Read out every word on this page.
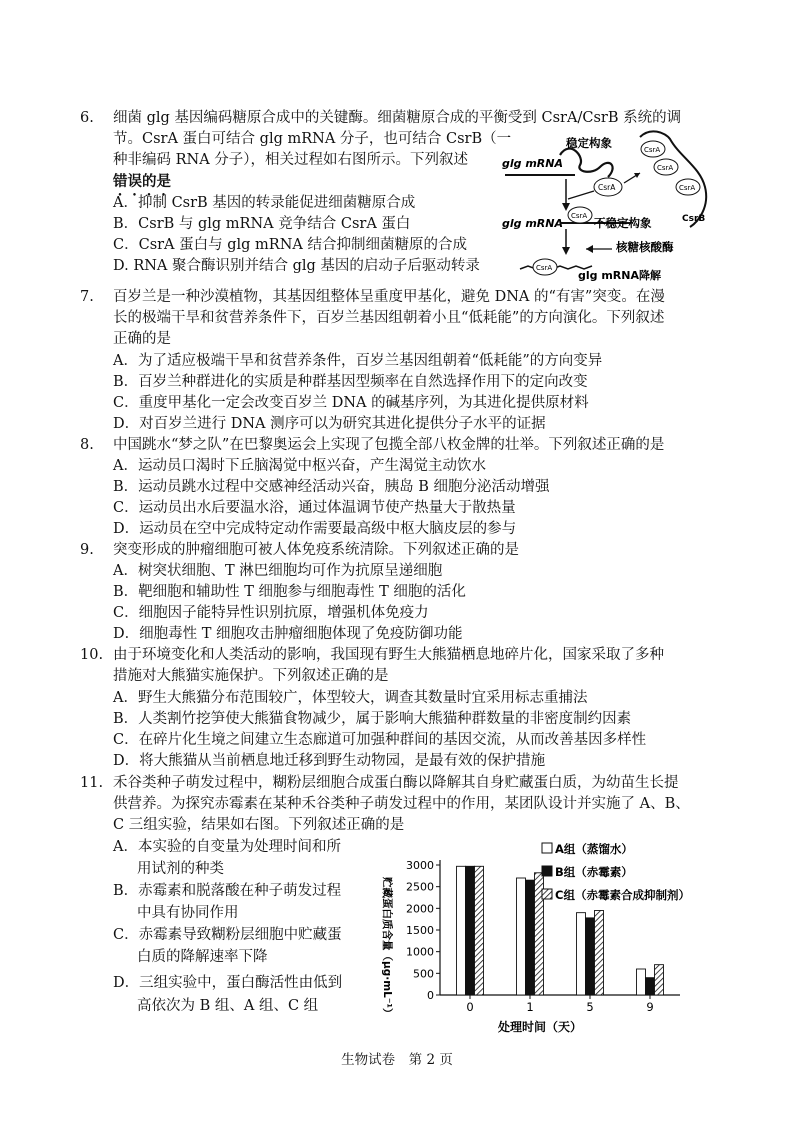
6. 细菌 glg 基因编码糖原合成中的关键酶。细菌糖原合成的平衡受到 CsrA/CsrB 系统的调
节。CsrA 蛋白可结合 glg mRNA 分子，也可结合 CsrB（一
种非编码 RNA 分子），相关过程如右图所示。下列叙述
错误的是
A．抑制 CsrB 基因的转录能促进细菌糖原合成
B．CsrB 与 glg mRNA 竞争结合 CsrA 蛋白
C．CsrA 蛋白与 glg mRNA 结合抑制细菌糖原的合成
D. RNA 聚合酶识别并结合 glg 基因的启动子后驱动转录
稳定构象
glg mRNA
CsrA
CsrA
CsrA
CsrB
CsrA
glg mRNA
CsrA 不稳定构象
核糖核酸酶
CsrA
glg mRNA降解
7. 百岁兰是一种沙漠植物，其基因组整体呈重度甲基化，避免 DNA 的“有害”突变。在漫
长的极端干旱和贫营养条件下，百岁兰基因组朝着小且“低耗能”的方向演化。下列叙述
正确的是
A．为了适应极端干旱和贫营养条件，百岁兰基因组朝着“低耗能”的方向变异
B．百岁兰种群进化的实质是种群基因型频率在自然选择作用下的定向改变
C．重度甲基化一定会改变百岁兰 DNA 的碱基序列，为其进化提供原材料
D．对百岁兰进行 DNA 测序可以为研究其进化提供分子水平的证据
8. 中国跳水“梦之队”在巴黎奥运会上实现了包揽全部八枚金牌的壮举。下列叙述正确的是
A．运动员口渴时下丘脑渴觉中枢兴奋，产生渴觉主动饮水
B．运动员跳水过程中交感神经活动兴奋，胰岛 B 细胞分泌活动增强
C．运动员出水后要温水浴，通过体温调节使产热量大于散热量
D．运动员在空中完成特定动作需要最高级中枢大脑皮层的参与
9. 突变形成的肿瘤细胞可被人体免疫系统清除。下列叙述正确的是
A．树突状细胞、T 淋巴细胞均可作为抗原呈递细胞
B．靶细胞和辅助性 T 细胞参与细胞毒性 T 细胞的活化
C．细胞因子能特异性识别抗原，增强机体免疫力
D．细胞毒性 T 细胞攻击肿瘤细胞体现了免疫防御功能
10. 由于环境变化和人类活动的影响，我国现有野生大熊猫栖息地碎片化，国家采取了多种
措施对大熊猫实施保护。下列叙述正确的是
A．野生大熊猫分布范围较广，体型较大，调查其数量时宜采用标志重捕法
B．人类割竹挖笋使大熊猫食物减少，属于影响大熊猫种群数量的非密度制约因素
C．在碎片化生境之间建立生态廊道可加强种群间的基因交流，从而改善基因多样性
D．将大熊猫从当前栖息地迁移到野生动物园，是最有效的保护措施
11. 禾谷类种子萌发过程中，糊粉层细胞合成蛋白酶以降解其自身贮藏蛋白质，为幼苗生长提
供营养。为探究赤霉素在某种禾谷类种子萌发过程中的作用，某团队设计并实施了 A、B、
C 三组实验，结果如右图。下列叙述正确的是
A．本实验的自变量为处理时间和所
用试剂的种类
B．赤霉素和脱落酸在种子萌发过程
中具有协同作用
C．赤霉素导致糊粉层细胞中贮藏蛋
白质的降解速率下降
D．三组实验中，蛋白酶活性由低到
高依次为 B 组、A 组、C 组	贮藏蛋白质含量（μg·mL⁻¹）	0
500
1000
1500
2000
2500
3000
0	1	5	9
处理时间（天）
A组（蒸馏水）
B组（赤霉素）
C组（赤霉素合成抑制剂）
生物试卷　第 2 页
